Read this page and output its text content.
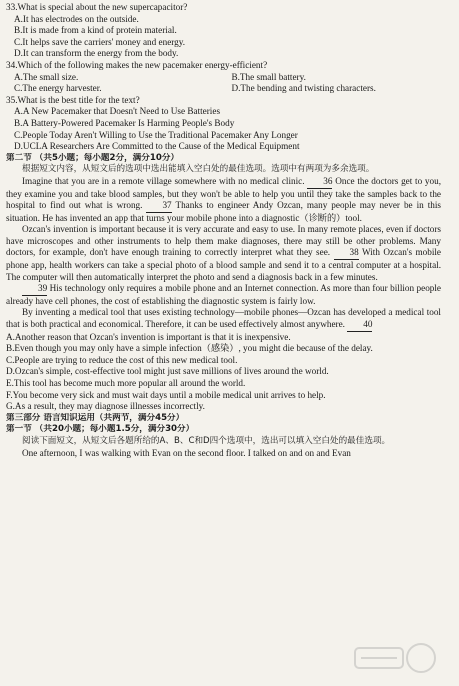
33.What is special about the new supercapacitor?
A.It has electrodes on the outside.
B.It is made from a kind of protein material.
C.It helps save the carriers' money and energy.
D.It can transform the energy from the body.
34.Which of the following makes the new pacemaker energy-efficient?
A.The small size.	B.The small battery.
C.The energy harvester.	D.The bending and twisting characters.
35.What is the best title for the text?
A.A New Pacemaker that Doesn't Need to Use Batteries
B.A Battery-Powered Pacemaker Is Harming People's Body
C.People Today Aren't Willing to Use the Traditional Pacemaker Any Longer
D.UCLA Researchers Are Committed to the Cause of the Medical Equipment
第二节 （共5小题；每小题2分，满分10分）
根据短文内容，从短文后的选项中选出能填入空白处的最佳选项。选项中有两项为多余选项。
Imagine that you are in a remote village somewhere with no medical clinic. 36 Once the doctors get to you, they examine you and take blood samples, but they won't be able to help you until they take the samples back to the hospital to find out what is wrong. 37 Thanks to engineer Andy Ozcan, many people may never be in this situation. He has invented an app that turns your mobile phone into a diagnostic（诊断的）tool.
Ozcan's invention is important because it is very accurate and easy to use. In many remote places, even if doctors have microscopes and other instruments to help them make diagnoses, there may still be other problems. Many doctors, for example, don't have enough training to correctly interpret what they see. 38 With Ozcan's mobile phone app, health workers can take a special photo of a blood sample and send it to a central computer at a hospital. The computer will then automatically interpret the photo and send a diagnosis back in a few minutes.
39 His technology only requires a mobile phone and an Internet connection. As more than four billion people already have cell phones, the cost of establishing the diagnostic system is fairly low.
By inventing a medical tool that uses existing technology—mobile phones—Ozcan has developed a medical tool that is both practical and economical. Therefore, it can be used effectively almost anywhere. 40
A.Another reason that Ozcan's invention is important is that it is inexpensive.
B.Even though you may only have a simple infection（感染）, you might die because of the delay.
C.People are trying to reduce the cost of this new medical tool.
D.Ozcan's simple, cost-effective tool might just save millions of lives around the world.
E.This tool has become much more popular all around the world.
F.You become very sick and must wait days until a mobile medical unit arrives to help.
G.As a result, they may diagnose illnesses incorrectly.
第三部分 语言知识运用（共两节，满分45分）
第一节 （共20小题；每小题1.5分，满分30分）
阅读下面短文，从短文后各题所给的A、B、C和D四个选项中，选出可以填入空白处的最佳选项。
One afternoon, I was walking with Evan on the second floor. I talked on and on and Evan
